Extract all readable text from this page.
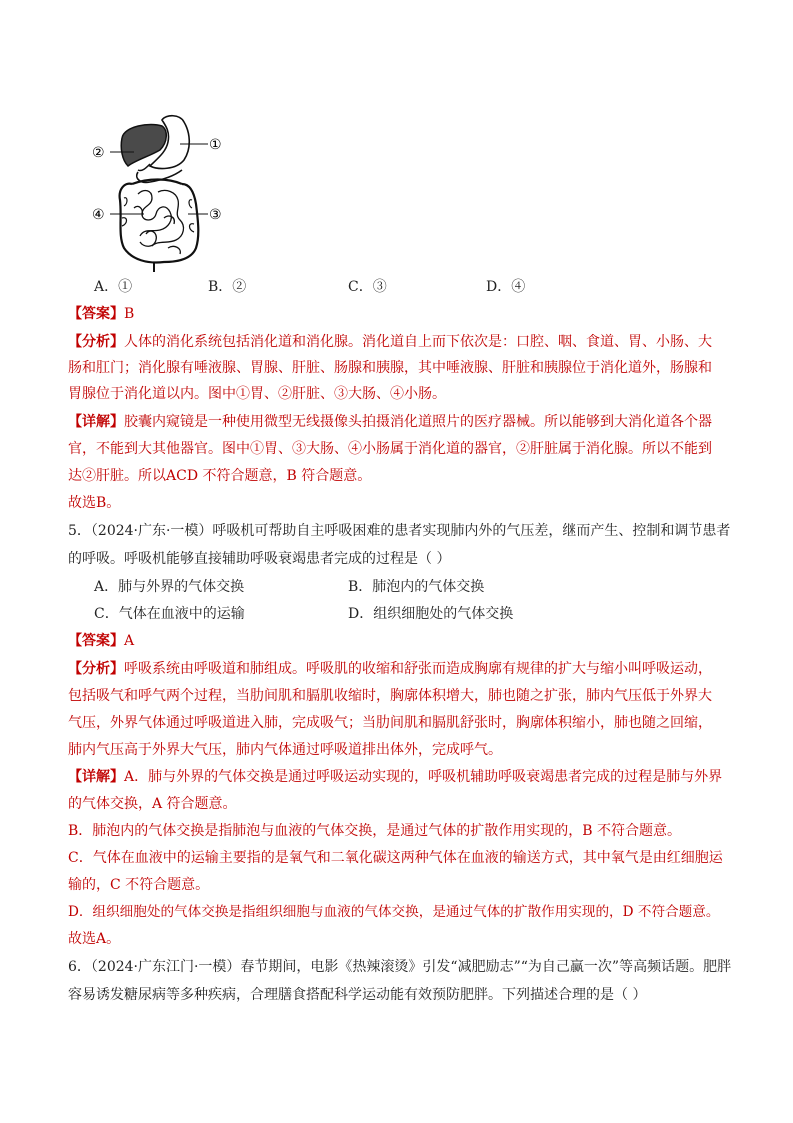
②	①
④	③
A．①	B．②	C．③	D．④
【答案】B
【分析】人体的消化系统包括消化道和消化腺。消化道自上而下依次是：口腔、咽、食道、胃、小肠、大
肠和肛门；消化腺有唾液腺、胃腺、肝脏、肠腺和胰腺，其中唾液腺、肝脏和胰腺位于消化道外，肠腺和
胃腺位于消化道以内。图中①胃、②肝脏、③大肠、④小肠。
【详解】胶囊内窥镜是一种使用微型无线摄像头拍摄消化道照片的医疗器械。所以能够到大消化道各个器
官，不能到大其他器官。图中①胃、③大肠、④小肠属于消化道的器官，②肝脏属于消化腺。所以不能到
达②肝脏。所以ACD 不符合题意，B 符合题意。
故选B。
5．（2024·广东·一模）呼吸机可帮助自主呼吸困难的患者实现肺内外的气压差，继而产生、控制和调节患者
的呼吸。呼吸机能够直接辅助呼吸衰竭患者完成的过程是（ ）
A．肺与外界的气体交换	B．肺泡内的气体交换
C．气体在血液中的运输	D．组织细胞处的气体交换
【答案】A
【分析】呼吸系统由呼吸道和肺组成。呼吸肌的收缩和舒张而造成胸廓有规律的扩大与缩小叫呼吸运动，
包括吸气和呼气两个过程，当肋间肌和膈肌收缩时，胸廓体积增大，肺也随之扩张，肺内气压低于外界大
气压，外界气体通过呼吸道进入肺，完成吸气；当肋间肌和膈肌舒张时，胸廓体积缩小，肺也随之回缩，
肺内气压高于外界大气压，肺内气体通过呼吸道排出体外，完成呼气。
【详解】A．肺与外界的气体交换是通过呼吸运动实现的，呼吸机辅助呼吸衰竭患者完成的过程是肺与外界
的气体交换，A 符合题意。
B．肺泡内的气体交换是指肺泡与血液的气体交换，是通过气体的扩散作用实现的，B 不符合题意。
C．气体在血液中的运输主要指的是氧气和二氧化碳这两种气体在血液的输送方式，其中氧气是由红细胞运
输的，C 不符合题意。
D．组织细胞处的气体交换是指组织细胞与血液的气体交换，是通过气体的扩散作用实现的，D 不符合题意。
故选A。
6．（2024·广东江门·一模）春节期间，电影《热辣滚烫》引发“减肥励志”“为自己赢一次”等高频话题。肥胖
容易诱发糖尿病等多种疾病，合理膳食搭配科学运动能有效预防肥胖。下列描述合理的是（ ）
